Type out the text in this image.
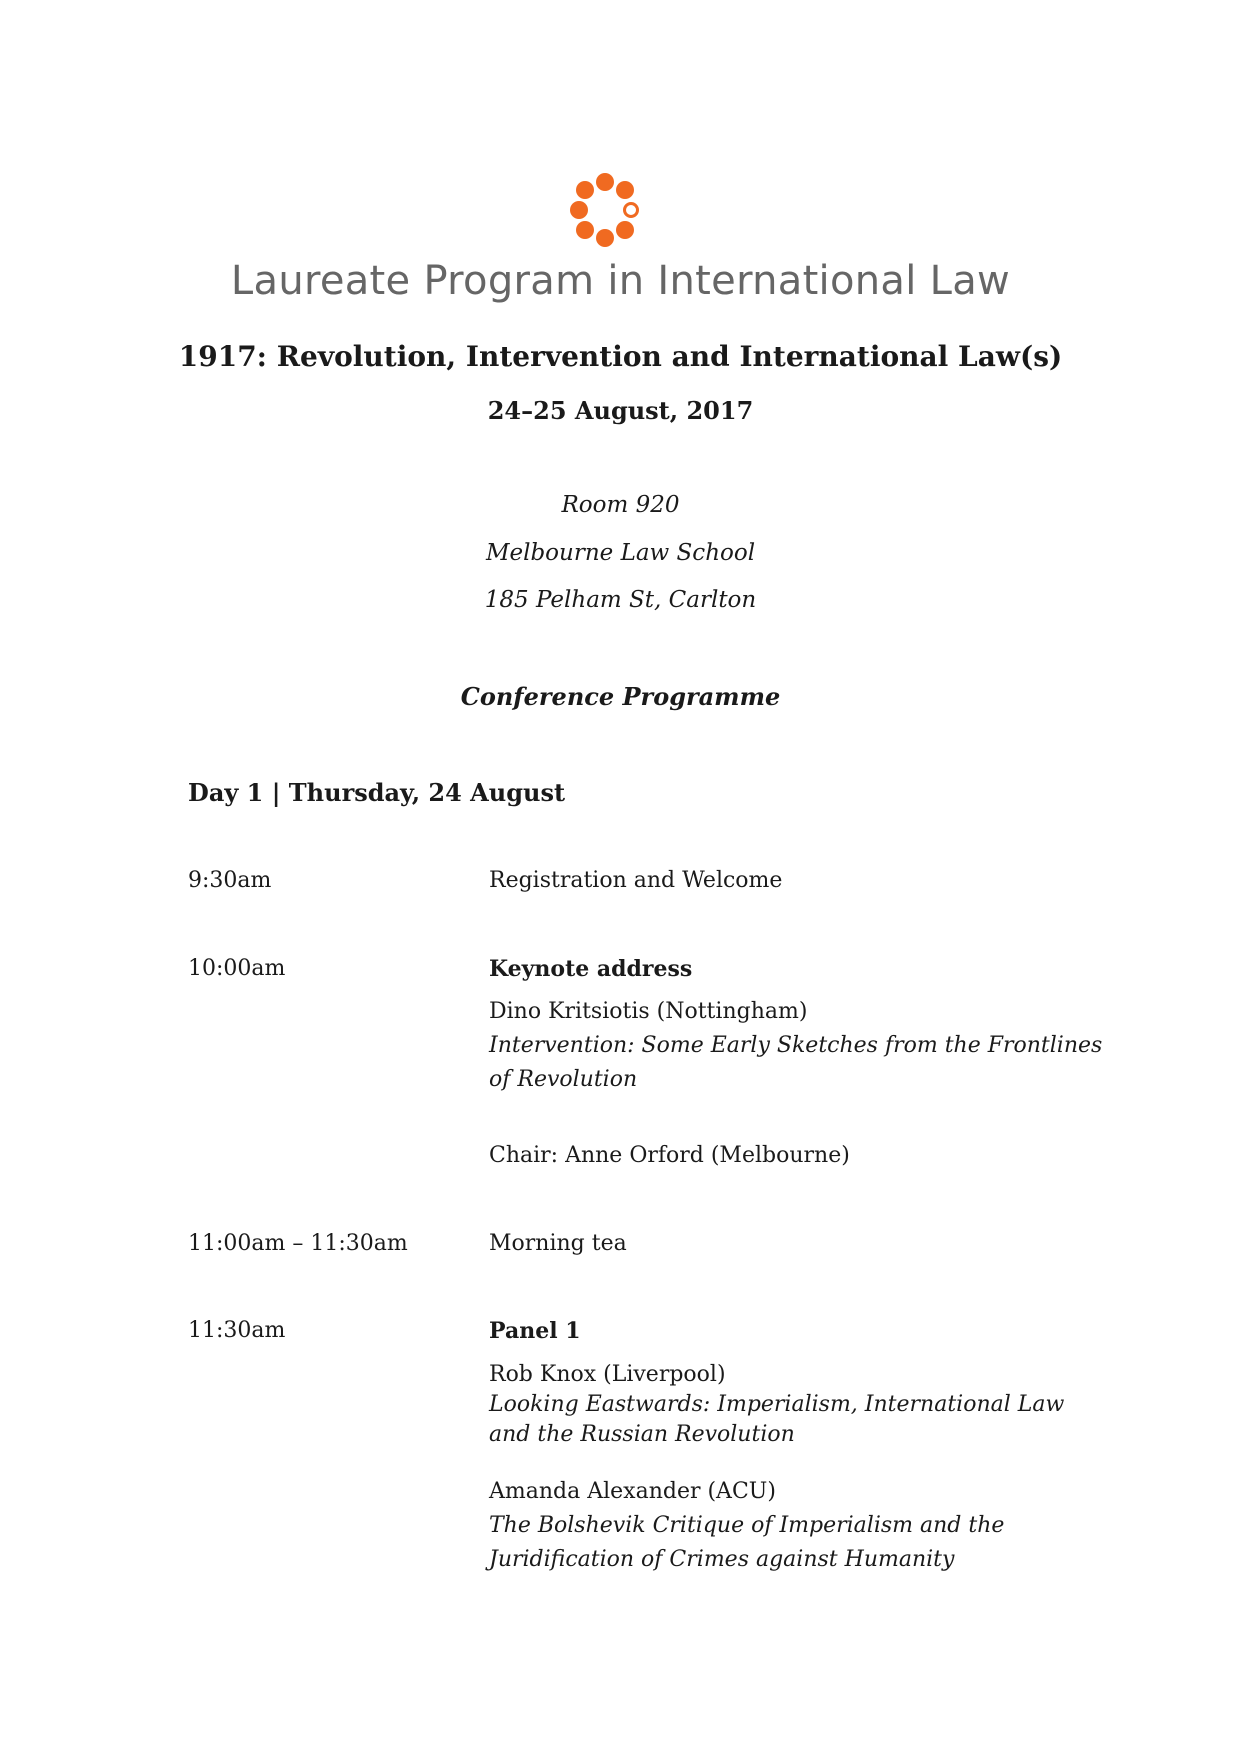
Laureate Program in International Law
1917: Revolution, Intervention and International Law(s)
24–25 August, 2017
Room 920
Melbourne Law School
185 Pelham St, Carlton
Conference Programme
Day 1 | Thursday, 24 August
9:30am	Registration and Welcome
10:00am	Keynote address
Dino Kritsiotis (Nottingham)
Intervention: Some Early Sketches from the Frontlines
of Revolution
Chair: Anne Orford (Melbourne)
11:00am – 11:30am	Morning tea
11:30am	Panel 1
Rob Knox (Liverpool)
Looking Eastwards: Imperialism, International Law
and the Russian Revolution
Amanda Alexander (ACU)
The Bolshevik Critique of Imperialism and the
Juridification of Crimes against Humanity
